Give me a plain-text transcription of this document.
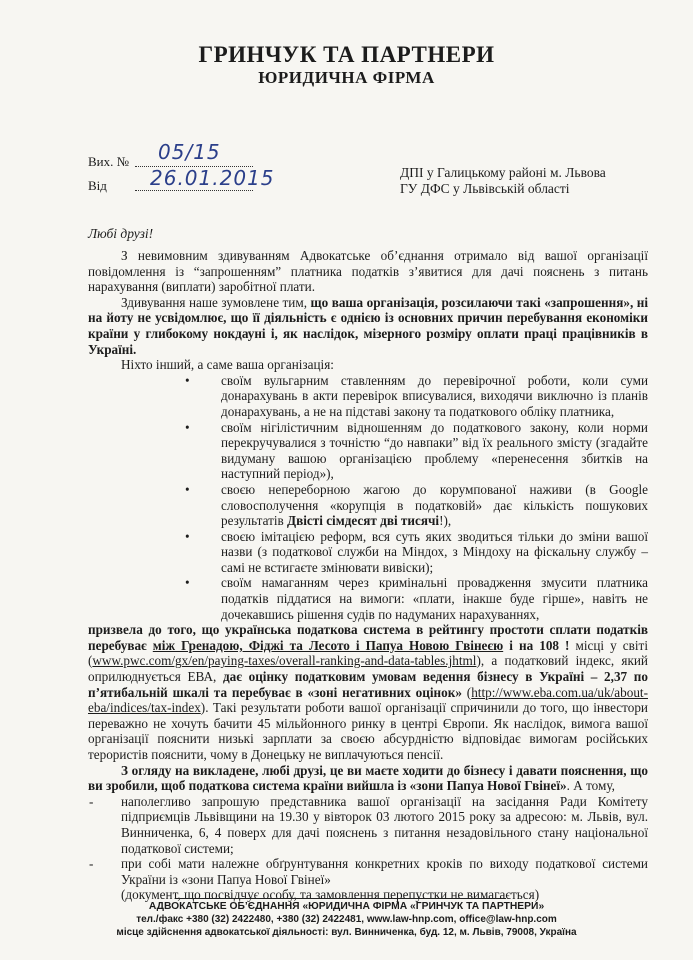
ГРИНЧУК ТА ПАРТНЕРИ
ЮРИДИЧНА ФІРМА
Вих. № 05/15
Від 26.01.2015	ДПІ у Галицькому районі м. Львова
ГУ ДФС у Львівській області
Любі друзі!

З невимовним здивуванням Адвокатське об’єднання отримало від вашої організації повідомлення із “запрошенням” платника податків з’явитися для дачі пояснень з питань нарахування (виплати) заробітної плати.

Здивування наше зумовлене тим, що ваша організація, розсилаючи такі «запрошення», ні на йоту не усвідомлює, що її діяльність є однією із основних причин перебування економіки країни у глибокому нокдауні і, як наслідок, мізерного розміру оплати праці працівників в Україні.

Ніхто інший, а саме ваша організація:

• своїм вульгарним ставленням до перевірочної роботи, коли суми донарахувань в акти перевірок вписувалися, виходячи виключно із планів донарахувань, а не на підставі закону та податкового обліку платника,
• своїм нігілістичним відношенням до податкового закону, коли норми перекручувалися з точністю “до навпаки” від їх реального змісту (згадайте видуману вашою організацією проблему «перенесення збитків на наступний період»),
• своєю непереборною жагою до корумпованої наживи (в Google словосполучення «корупція в податковій» дає кількість пошукових результатів Двісті сімдесят дві тисячі!),
• своєю імітацією реформ, вся суть яких зводиться тільки до зміни вашої назви (з податкової служби на Міндох, з Міндоху на фіскальну службу – самі не встигаєте змінювати вивіски);
• своїм намаганням через кримінальні провадження змусити платника податків піддатися на вимоги: «плати, інакше буде гірше», навіть не дочекавшись рішення судів по надуманих нарахуваннях,

призвела до того, що українська податкова система в рейтингу простоти сплати податків перебуває між Гренадою, Фіджі та Лесото і Папуа Новою Гвінеєю і на 108 ! місці у світі (www.pwc.com/gx/en/paying-taxes/overall-ranking-and-data-tables.jhtml), а податковий індекс, який оприлюднується ЕВА, дає оцінку податковим умовам ведення бізнесу в Україні – 2,37 по п’ятибальній шкалі та перебуває в «зоні негативних оцінок» (http://www.eba.com.ua/uk/about-eba/indices/tax-index). Такі результати роботи вашої організації спричинили до того, що інвестори переважно не хочуть бачити 45 мільйонного ринку в центрі Європи. Як наслідок, вимога вашої організації пояснити низькі зарплати за своєю абсурдністю відповідає вимогам російських терористів пояснити, чому в Донецьку не виплачуються пенсії.

З огляду на викладене, любі друзі, це ви маєте ходити до бізнесу і давати пояснення, що ви зробили, щоб податкова система країни вийшла із «зони Папуа Нової Гвінеї». А тому,

- наполегливо запрошую представника вашої організації на засідання Ради Комітету підприємців Львівщини на 19.30 у вівторок 03 лютого 2015 року за адресою: м. Львів, вул. Винниченка, 6, 4 поверх для дачі пояснень з питання незадовільного стану національної податкової системи;
- при собі мати належне обґрунтування конкретних кроків по виходу податкової системи України із «зони Папуа Нової Гвінеї»

(документ, що посвідчує особу, та замовлення перепустки не вимагається)

АДВОКАТСЬКЕ ОБ’ЄДНАННЯ «ЮРИДИЧНА ФІРМА «ГРИНЧУК ТА ПАРТНЕРИ»
тел./факс +380 (32) 2422480, +380 (32) 2422481, www.law-hnp.com, office@law-hnp.com
місце здійснення адвокатської діяльності: вул. Винниченка, буд. 12, м. Львів, 79008, Україна
